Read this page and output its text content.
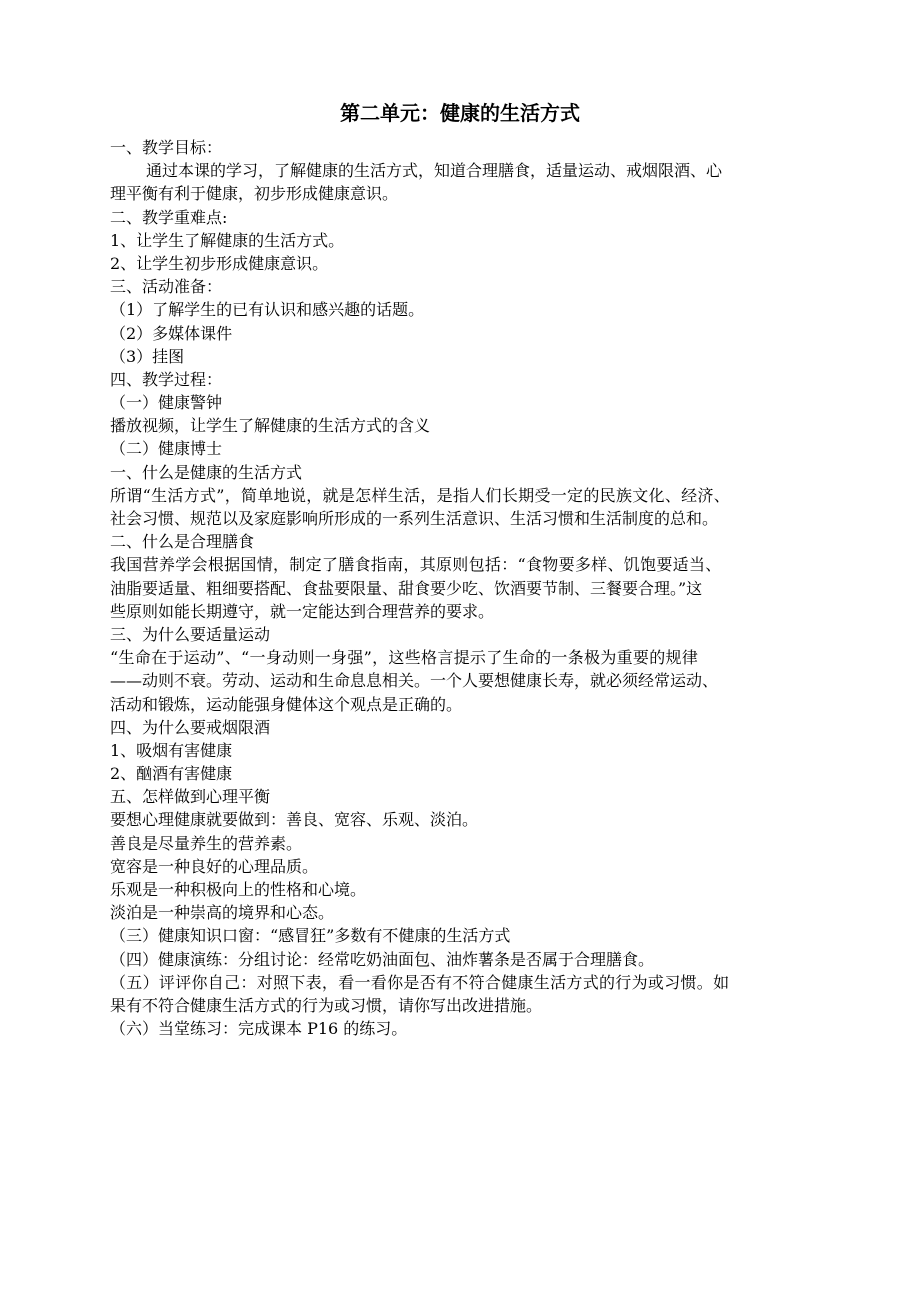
第二单元：健康的生活方式
一、教学目标：
通过本课的学习，了解健康的生活方式，知道合理膳食，适量运动、戒烟限酒、心
理平衡有利于健康，初步形成健康意识。
二、教学重难点:
1、让学生了解健康的生活方式。
2、让学生初步形成健康意识。
三、活动准备：
（1）了解学生的已有认识和感兴趣的话题。
（2）多媒体课件
（3）挂图
四、教学过程：
（一）健康警钟
播放视频，让学生了解健康的生活方式的含义
（二）健康博士
一、什么是健康的生活方式
所谓“生活方式”，简单地说，就是怎样生活，是指人们长期受一定的民族文化、经济、
社会习惯、规范以及家庭影响所形成的一系列生活意识、生活习惯和生活制度的总和。
二、什么是合理膳食
我国营养学会根据国情，制定了膳食指南，其原则包括：“食物要多样、饥饱要适当、
油脂要适量、粗细要搭配、食盐要限量、甜食要少吃、饮酒要节制、三餐要合理。”这
些原则如能长期遵守，就一定能达到合理营养的要求。
三、为什么要适量运动
“生命在于运动”、“一身动则一身强”，这些格言提示了生命的一条极为重要的规律
——动则不衰。劳动、运动和生命息息相关。一个人要想健康长寿，就必须经常运动、
活动和锻炼，运动能强身健体这个观点是正确的。
四、为什么要戒烟限酒
1、吸烟有害健康
2、酗酒有害健康
五、怎样做到心理平衡
要想心理健康就要做到：善良、宽容、乐观、淡泊。
善良是尽量养生的营养素。
宽容是一种良好的心理品质。
乐观是一种积极向上的性格和心境。
淡泊是一种崇高的境界和心态。
（三）健康知识口窗：“感冒狂”多数有不健康的生活方式
（四）健康演练：分组讨论：经常吃奶油面包、油炸薯条是否属于合理膳食。
（五）评评你自己：对照下表，看一看你是否有不符合健康生活方式的行为或习惯。如
果有不符合健康生活方式的行为或习惯，请你写出改进措施。
（六）当堂练习：完成课本 P16 的练习。
